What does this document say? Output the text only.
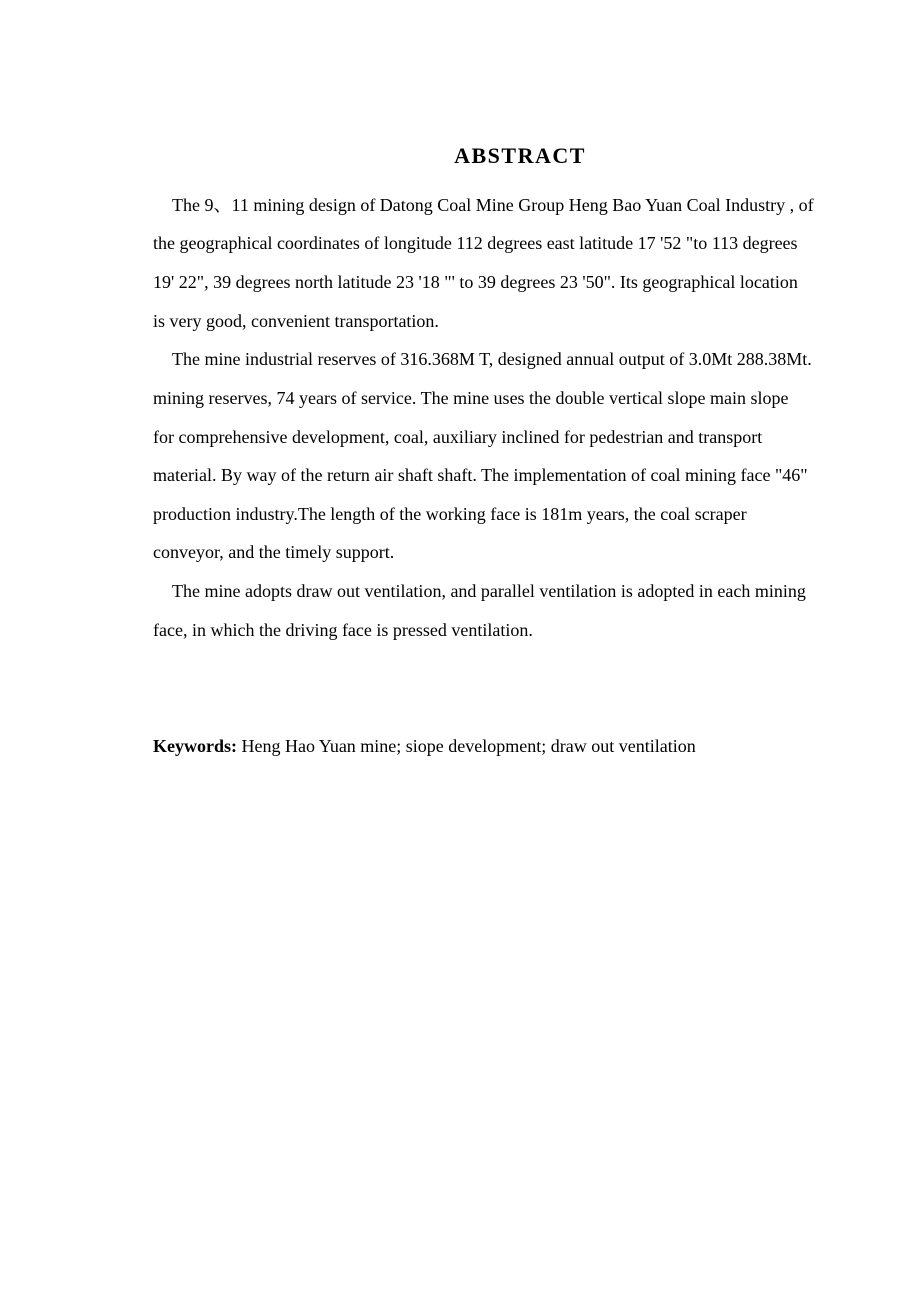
ABSTRACT

The 9、11 mining design of Datong Coal Mine Group Heng Bao Yuan Coal Industry , of

the geographical coordinates of longitude 112 degrees east latitude 17 '52 "to 113 degrees

19' 22", 39 degrees north latitude 23 '18 "' to 39 degrees 23 '50". Its geographical location

is very good, convenient transportation.

The mine industrial reserves of 316.368M T, designed annual output of 3.0Mt 288.38Mt.

mining reserves, 74 years of service. The mine uses the double vertical slope main slope

for comprehensive development, coal, auxiliary inclined for pedestrian and transport

material. By way of the return air shaft shaft. The implementation of coal mining face "46"

production industry.The length of the working face is 181m years, the coal scraper

conveyor, and the timely support.

The mine adopts draw out ventilation, and parallel ventilation is adopted in each mining

face, in which the driving face is pressed ventilation.

Keywords: Heng Hao Yuan mine; siope development; draw out ventilation
